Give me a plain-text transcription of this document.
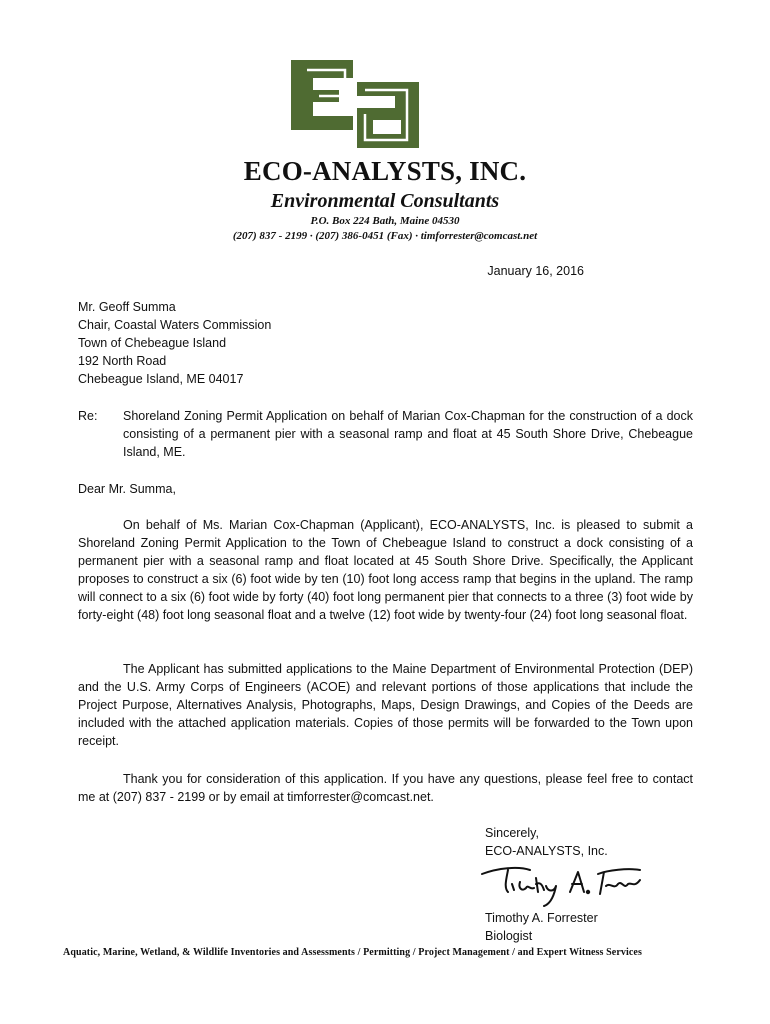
ECO-ANALYSTS, INC.
Environmental Consultants
P.O. Box 224 Bath, Maine 04530
(207) 837 - 2199 · (207) 386-0451 (Fax) · timforrester@comcast.net
January 16, 2016
Mr. Geoff Summa
Chair, Coastal Waters Commission
Town of Chebeague Island
192 North Road
Chebeague Island, ME 04017
Re: Shoreland Zoning Permit Application on behalf of Marian Cox-Chapman for the construction of a dock consisting of a permanent pier with a seasonal ramp and float at 45 South Shore Drive, Chebeague Island, ME.
Dear Mr. Summa,
On behalf of Ms. Marian Cox-Chapman (Applicant), ECO-ANALYSTS, Inc. is pleased to submit a Shoreland Zoning Permit Application to the Town of Chebeague Island to construct a dock consisting of a permanent pier with a seasonal ramp and float located at 45 South Shore Drive. Specifically, the Applicant proposes to construct a six (6) foot wide by ten (10) foot long access ramp that begins in the upland. The ramp will connect to a six (6) foot wide by forty (40) foot long permanent pier that connects to a three (3) foot wide by forty-eight (48) foot long seasonal float and a twelve (12) foot wide by twenty-four (24) foot long seasonal float.
The Applicant has submitted applications to the Maine Department of Environmental Protection (DEP) and the U.S. Army Corps of Engineers (ACOE) and relevant portions of those applications that include the Project Purpose, Alternatives Analysis, Photographs, Maps, Design Drawings, and Copies of the Deeds are included with the attached application materials. Copies of those permits will be forwarded to the Town upon receipt.
Thank you for consideration of this application. If you have any questions, please feel free to contact me at (207) 837 - 2199 or by email at timforrester@comcast.net.
Sincerely,
ECO-ANALYSTS, Inc.
Timothy A. Forrester
Biologist
Aquatic, Marine, Wetland, & Wildlife Inventories and Assessments / Permitting / Project Management / and Expert Witness Services
